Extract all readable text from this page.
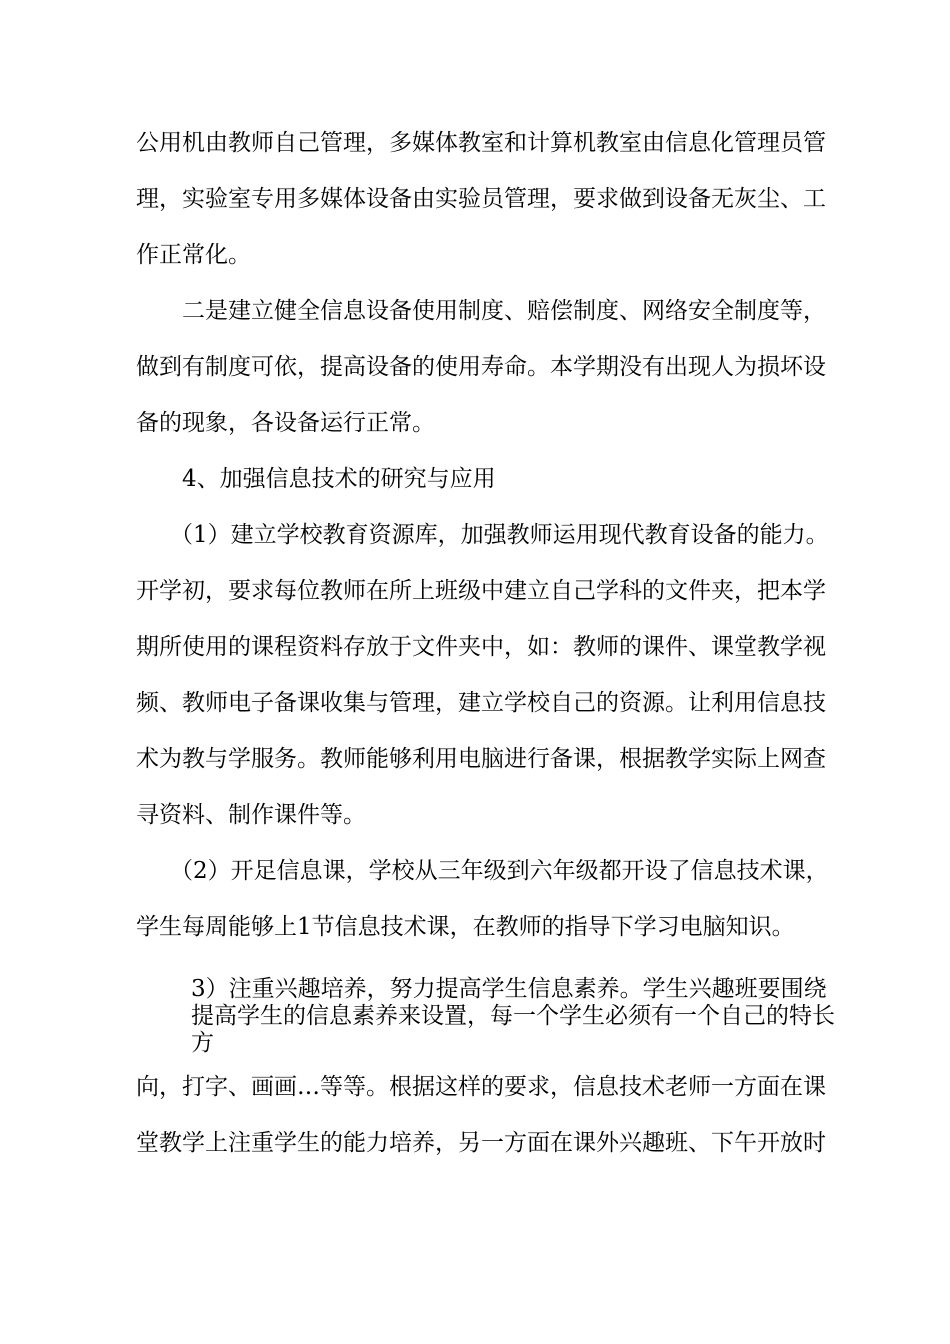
公用机由教师自己管理，多媒体教室和计算机教室由信息化管理员管

理，实验室专用多媒体设备由实验员管理，要求做到设备无灰尘、工

作正常化。

二是建立健全信息设备使用制度、赔偿制度、网络安全制度等，

做到有制度可依，提高设备的使用寿命。本学期没有出现人为损坏设

备的现象，各设备运行正常。

4、加强信息技术的研究与应用

（1）建立学校教育资源库，加强教师运用现代教育设备的能力。

开学初，要求每位教师在所上班级中建立自己学科的文件夹，把本学

期所使用的课程资料存放于文件夹中，如：教师的课件、课堂教学视

频、教师电子备课收集与管理，建立学校自己的资源。让利用信息技

术为教与学服务。教师能够利用电脑进行备课，根据教学实际上网查

寻资料、制作课件等。

（2）开足信息课，学校从三年级到六年级都开设了信息技术课，

学生每周能够上1节信息技术课，在教师的指导下学习电脑知识。

3）注重兴趣培养，努力提高学生信息素养。学生兴趣班要围绕

提高学生的信息素养来设置，每一个学生必须有一个自己的特长

方

向，打字、画画…等等。根据这样的要求，信息技术老师一方面在课

堂教学上注重学生的能力培养，另一方面在课外兴趣班、下午开放时
